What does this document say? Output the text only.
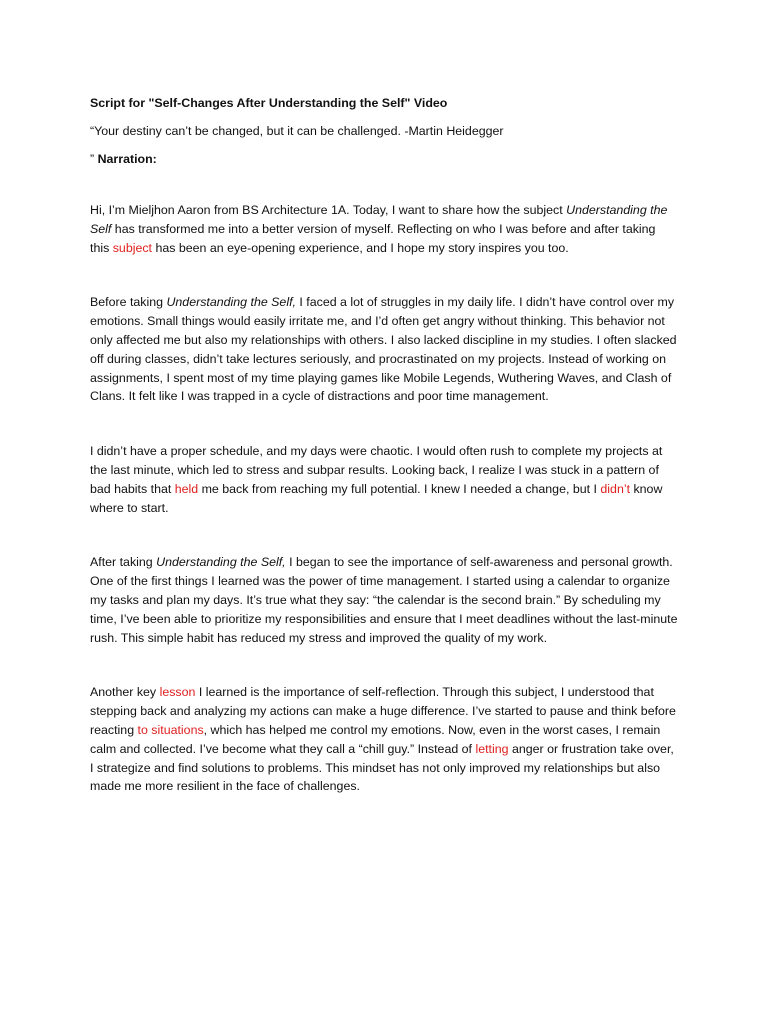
Script for "Self-Changes After Understanding the Self" Video

“Your destiny can’t be changed, but it can be challenged. -Martin Heidegger

” Narration:

Hi, I’m Mieljhon Aaron from BS Architecture 1A. Today, I want to share how the subject Understanding the Self has transformed me into a better version of myself. Reflecting on who I was before and after taking this subject has been an eye-opening experience, and I hope my story inspires you too.

Before taking Understanding the Self, I faced a lot of struggles in my daily life. I didn’t have control over my emotions. Small things would easily irritate me, and I’d often get angry without thinking. This behavior not only affected me but also my relationships with others. I also lacked discipline in my studies. I often slacked off during classes, didn’t take lectures seriously, and procrastinated on my projects. Instead of working on assignments, I spent most of my time playing games like Mobile Legends, Wuthering Waves, and Clash of Clans. It felt like I was trapped in a cycle of distractions and poor time management.

I didn’t have a proper schedule, and my days were chaotic. I would often rush to complete my projects at the last minute, which led to stress and subpar results. Looking back, I realize I was stuck in a pattern of bad habits that held me back from reaching my full potential. I knew I needed a change, but I didn’t know where to start.

After taking Understanding the Self, I began to see the importance of self-awareness and personal growth. One of the first things I learned was the power of time management. I started using a calendar to organize my tasks and plan my days. It’s true what they say: “the calendar is the second brain.” By scheduling my time, I’ve been able to prioritize my responsibilities and ensure that I meet deadlines without the last-minute rush. This simple habit has reduced my stress and improved the quality of my work.

Another key lesson I learned is the importance of self-reflection. Through this subject, I understood that stepping back and analyzing my actions can make a huge difference. I’ve started to pause and think before reacting to situations, which has helped me control my emotions. Now, even in the worst cases, I remain calm and collected. I’ve become what they call a “chill guy.” Instead of letting anger or frustration take over, I strategize and find solutions to problems. This mindset has not only improved my relationships but also made me more resilient in the face of challenges.
